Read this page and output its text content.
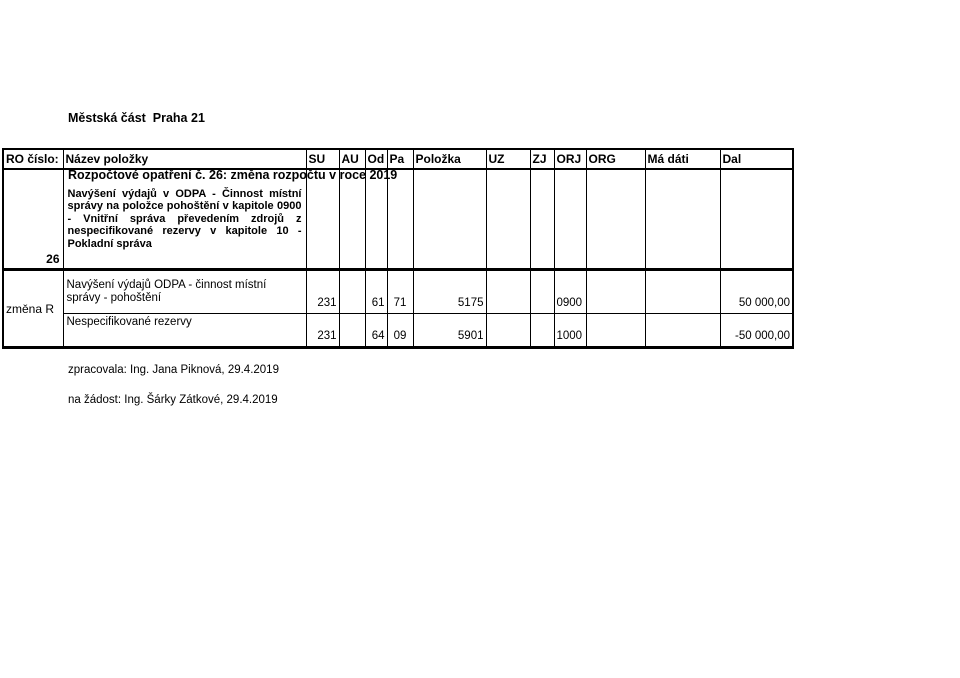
Městská část  Praha 21

Rozpočtové opatření č. 26: změna rozpočtu v roce 2019

RO číslo:	Název položky	SU	AU	Od	Pa	Položka	UZ	ZJ	ORJ	ORG	Má dáti	Dal
26	Navýšení výdajů v ODPA - Činnost místní správy na položce pohoštění v kapitole 0900 - Vnitřní správa převedením zdrojů z nespecifikované rezervy v kapitole 10 - Pokladní správa											
změna R	Navýšení výdajů ODPA - činnost místní správy - pohoštění	231		61	71	5175			0900			50 000,00
	Nespecifikované rezervy	231		64	09	5901			1000			-50 000,00
zpracovala: Ing. Jana Piknová, 29.4.2019
na žádost: Ing. Šárky Zátkové, 29.4.2019
